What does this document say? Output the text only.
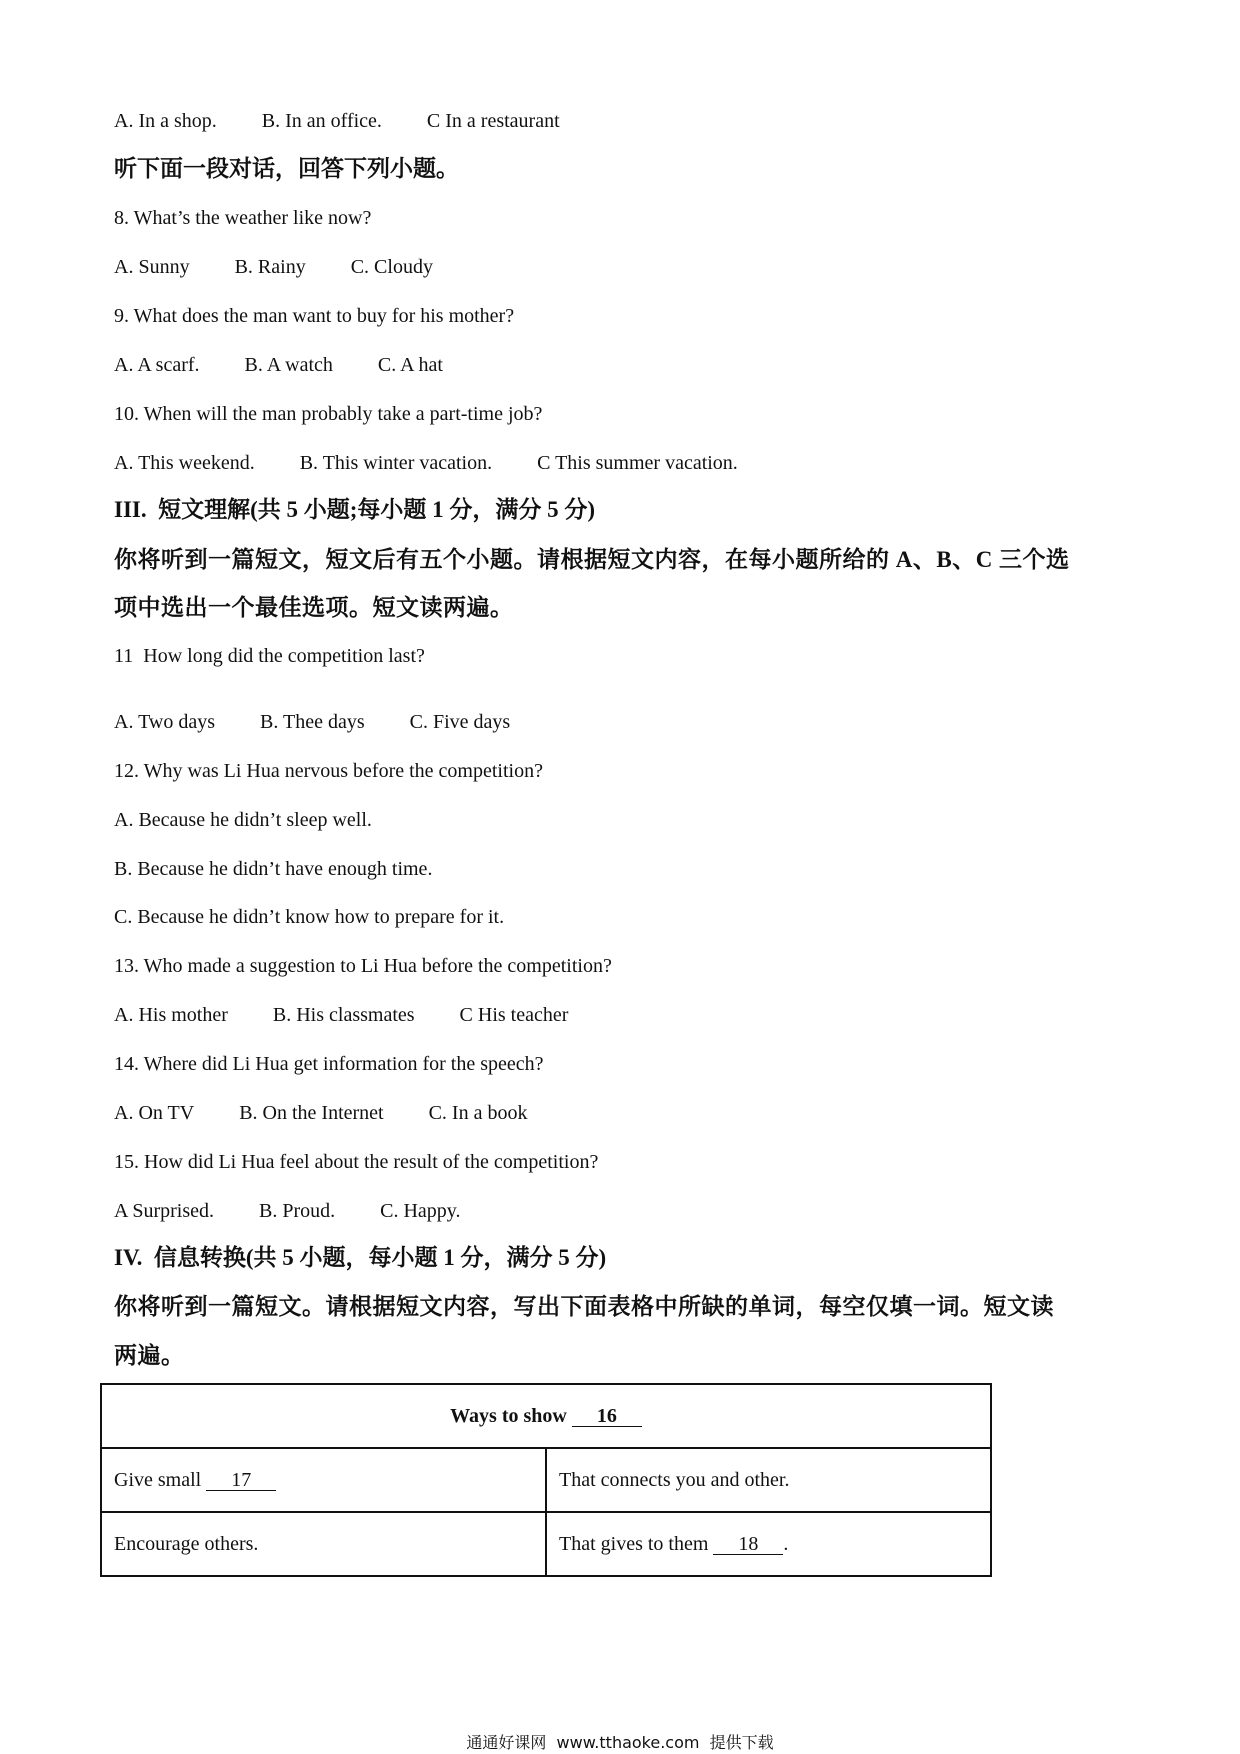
A. In a shop. B. In an office. C In a restaurant
听下面一段对话，回答下列小题。
8. What’s the weather like now?
A. Sunny B. Rainy C. Cloudy
9. What does the man want to buy for his mother?
A. A scarf. B. A watch C. A hat
10. When will the man probably take a part-time job?
A. This weekend. B. This winter vacation. C This summer vacation.
III.  短文理解(共 5 小题;每小题 1 分，满分 5 分)
你将听到一篇短文，短文后有五个小题。请根据短文内容，在每小题所给的 A、B、C 三个选
项中选出一个最佳选项。短文读两遍。
11  How long did the competition last?
A. Two days B. Thee days C. Five days
12. Why was Li Hua nervous before the competition?
A. Because he didn’t sleep well.
B. Because he didn’t have enough time.
C. Because he didn’t know how to prepare for it.
13. Who made a suggestion to Li Hua before the competition?
A. His mother B. His classmates C His teacher
14. Where did Li Hua get information for the speech?
A. On TV B. On the Internet C. In a book
15. How did Li Hua feel about the result of the competition?
A Surprised. B. Proud. C. Happy.
IV.  信息转换(共 5 小题，每小题 1 分，满分 5 分)
你将听到一篇短文。请根据短文内容，写出下面表格中所缺的单词，每空仅填一词。短文读
两遍。
Ways to show 16	
Give small 17	That connects you and other.
Encourage others.	That gives to them 18 .
通通好课网  www.tthaoke.com  提供下载
